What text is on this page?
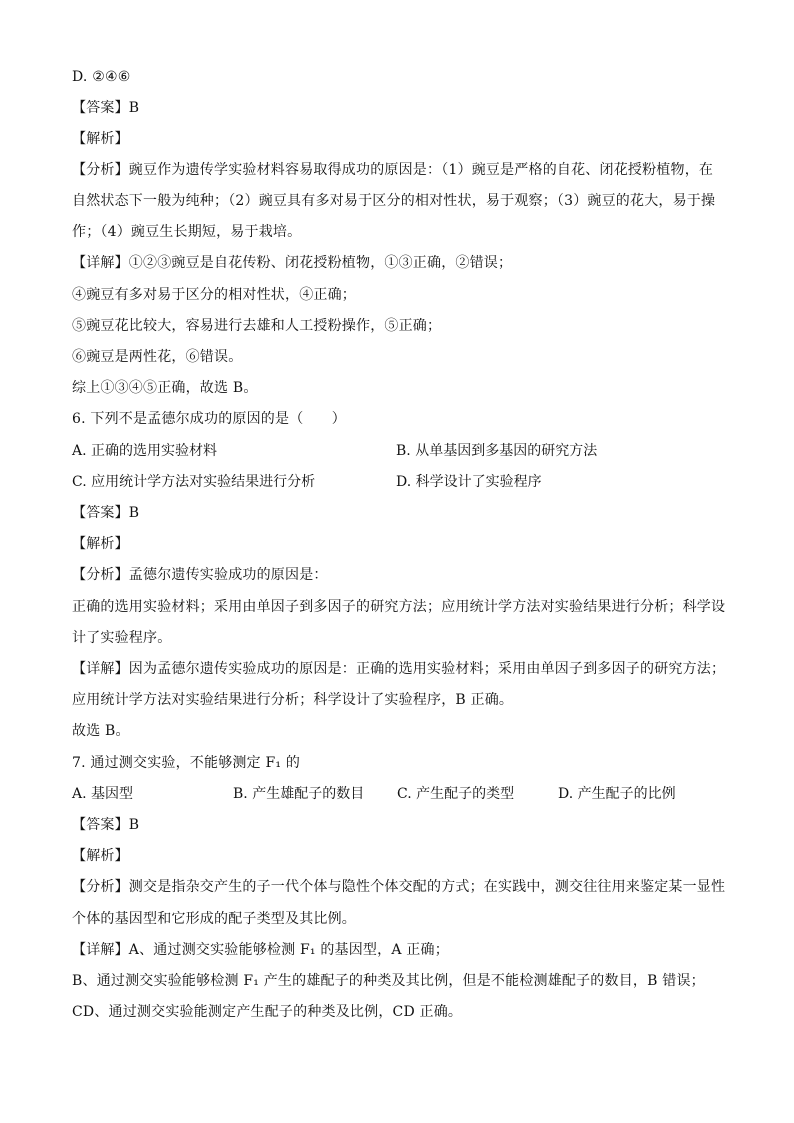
D. ②④⑥
【答案】B
【解析】
【分析】豌豆作为遗传学实验材料容易取得成功的原因是：（1）豌豆是严格的自花、闭花授粉植物，在
自然状态下一般为纯种；（2）豌豆具有多对易于区分的相对性状，易于观察；（3）豌豆的花大，易于操
作；（4）豌豆生长期短，易于栽培。
【详解】①②③豌豆是自花传粉、闭花授粉植物，①③正确，②错误；
④豌豆有多对易于区分的相对性状，④正确；
⑤豌豆花比较大，容易进行去雄和人工授粉操作，⑤正确；
⑥豌豆是两性花，⑥错误。
综上①③④⑤正确，故选 B。
6. 下列不是孟德尔成功的原因的是（　　）
A. 正确的选用实验材料	B. 从单基因到多基因的研究方法
C. 应用统计学方法对实验结果进行分析	D. 科学设计了实验程序
【答案】B
【解析】
【分析】孟德尔遗传实验成功的原因是：
正确的选用实验材料；采用由单因子到多因子的研究方法；应用统计学方法对实验结果进行分析；科学设
计了实验程序。
【详解】因为孟德尔遗传实验成功的原因是：正确的选用实验材料；采用由单因子到多因子的研究方法；
应用统计学方法对实验结果进行分析；科学设计了实验程序，B 正确。
故选 B。
7. 通过测交实验，不能够测定 F₁ 的
A. 基因型	B. 产生雄配子的数目 C. 产生配子的类型	D. 产生配子的比例
【答案】B
【解析】
【分析】测交是指杂交产生的子一代个体与隐性个体交配的方式；在实践中，测交往往用来鉴定某一显性
个体的基因型和它形成的配子类型及其比例。
【详解】A、通过测交实验能够检测 F₁ 的基因型，A 正确；
B、通过测交实验能够检测 F₁ 产生的雄配子的种类及其比例，但是不能检测雄配子的数目，B 错误；
CD、通过测交实验能测定产生配子的种类及比例，CD 正确。
